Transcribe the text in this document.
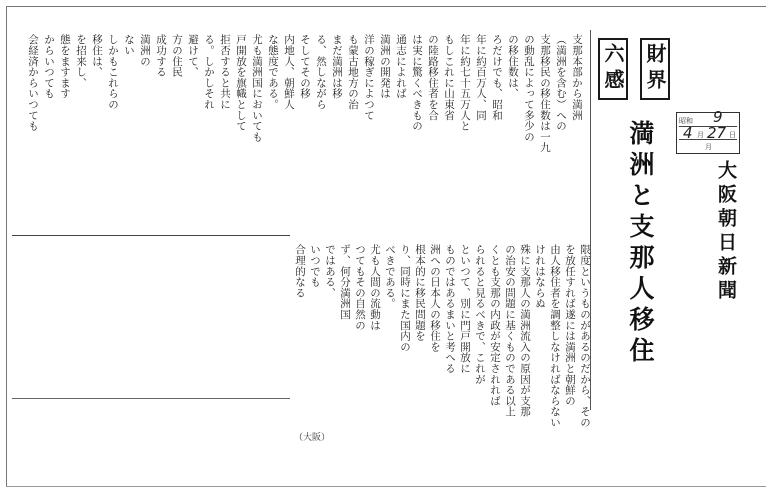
昭和 9
4 月 27 日
月
大阪朝日新聞
満洲と支那人移住
財界
六感
支那本部から満洲
（満洲を含む）への
支那移民の移住数は一九
の動乱によって多少の
の移住数は、
ろだけでも、昭和
年に約百万人、同
年に約七十五万人と
もしこれに山東省
の陸路移住者を合
は実に驚くべきもの
通志によれば
満洲の開発は
洋の稼ぎによつて
も蒙古地方の治
まだ満洲は移
る、然しながら
そしてその移
内地人、朝鮮人
な態度である。
尤も満洲国においても
戸開放を旗幟として
拒否すると共に
る。しかしそれ
避けて、
方の住民
成功する
満洲の
ない
しかもこれらの
移住は、
を招来し、
態をますます
からいつても
会経済からいつても
限度というものがあるのだから、その
を放任すれば遂には満洲と朝鮮の
由人移住者を調整しなければならない
けれはならぬ
殊に支那人の満洲流入の原因が支那
の治安の問題に基くものである以上
くとも支那の内政が安定されれば
られると見るべきで、これが
といつて、別に門戸開放に
ものではあるまいと考へる
洲への日本人の移住を
根本的に移民問題を
り、同時にまた国内の
べきである。
尤も人間の流動は
つてもその自然の
ず、何分満洲国
ではある、
いつでも
合理的なる
（大阪）
